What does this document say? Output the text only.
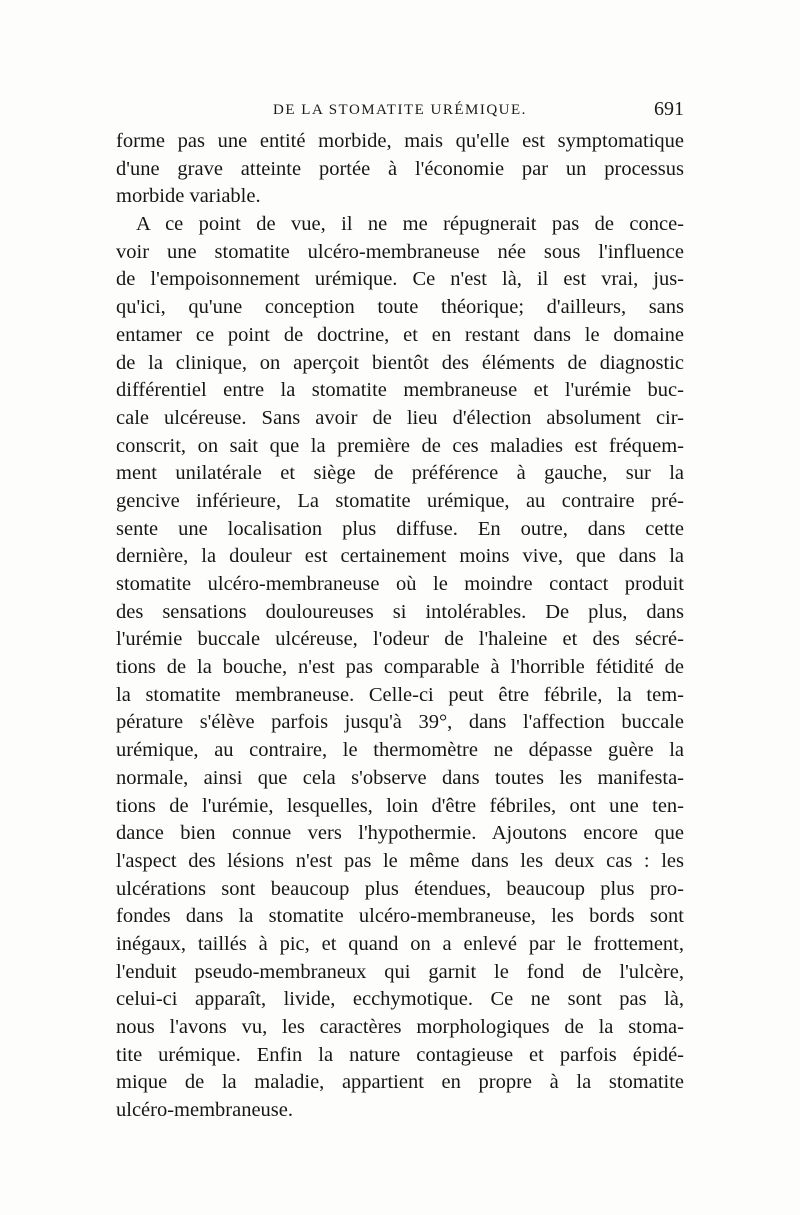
DE LA STOMATITE URÉMIQUE.	691
forme pas une entité morbide, mais qu'elle est symptomatique
d'une grave atteinte portée à l'économie par un processus
morbide variable.
A ce point de vue, il ne me répugnerait pas de conce-
voir une stomatite ulcéro-membraneuse née sous l'influence
de l'empoisonnement urémique. Ce n'est là, il est vrai, jus-
qu'ici, qu'une conception toute théorique; d'ailleurs, sans
entamer ce point de doctrine, et en restant dans le domaine
de la clinique, on aperçoit bientôt des éléments de diagnostic
différentiel entre la stomatite membraneuse et l'urémie buc-
cale ulcéreuse. Sans avoir de lieu d'élection absolument cir-
conscrit, on sait que la première de ces maladies est fréquem-
ment unilatérale et siège de préférence à gauche, sur la
gencive inférieure, La stomatite urémique, au contraire pré-
sente une localisation plus diffuse. En outre, dans cette
dernière, la douleur est certainement moins vive, que dans la
stomatite ulcéro-membraneuse où le moindre contact produit
des sensations douloureuses si intolérables. De plus, dans
l'urémie buccale ulcéreuse, l'odeur de l'haleine et des sécré-
tions de la bouche, n'est pas comparable à l'horrible fétidité de
la stomatite membraneuse. Celle-ci peut être fébrile, la tem-
pérature s'élève parfois jusqu'à 39°, dans l'affection buccale
urémique, au contraire, le thermomètre ne dépasse guère la
normale, ainsi que cela s'observe dans toutes les manifesta-
tions de l'urémie, lesquelles, loin d'être fébriles, ont une ten-
dance bien connue vers l'hypothermie. Ajoutons encore que
l'aspect des lésions n'est pas le même dans les deux cas : les
ulcérations sont beaucoup plus étendues, beaucoup plus pro-
fondes dans la stomatite ulcéro-membraneuse, les bords sont
inégaux, taillés à pic, et quand on a enlevé par le frottement,
l'enduit pseudo-membraneux qui garnit le fond de l'ulcère,
celui-ci apparaît, livide, ecchymotique. Ce ne sont pas là,
nous l'avons vu, les caractères morphologiques de la stoma-
tite urémique. Enfin la nature contagieuse et parfois épidé-
mique de la maladie, appartient en propre à la stomatite
ulcéro-membraneuse.
